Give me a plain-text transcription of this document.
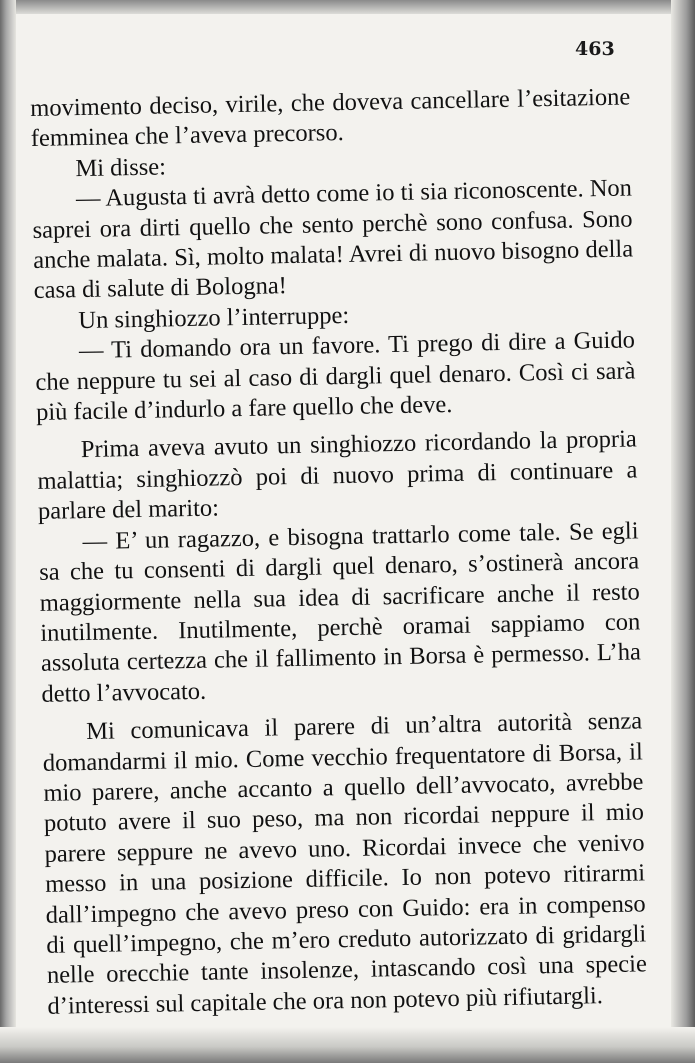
463

movimento deciso, virile, che doveva cancellare l’esitazione femminea che l’aveva precorso.

Mi disse:

— Augusta ti avrà detto come io ti sia riconoscente. Non saprei ora dirti quello che sento perchè sono confusa. Sono anche malata. Sì, molto malata! Avrei di nuovo bisogno della casa di salute di Bologna!

Un singhiozzo l’interruppe:

— Ti domando ora un favore. Ti prego di dire a Guido che neppure tu sei al caso di dargli quel denaro. Così ci sarà più facile d’indurlo a fare quello che deve.

Prima aveva avuto un singhiozzo ricordando la propria malattia; singhiozzò poi di nuovo prima di continuare a parlare del marito:

— E’ un ragazzo, e bisogna trattarlo come tale. Se egli sa che tu consenti di dargli quel denaro, s’ostinerà ancora maggiormente nella sua idea di sacrificare anche il resto inutilmente. Inutilmente, perchè oramai sappiamo con assoluta certezza che il fallimento in Borsa è permesso. L’ha detto l’avvocato.

Mi comunicava il parere di un’altra autorità senza domandarmi il mio. Come vecchio frequentatore di Borsa, il mio parere, anche accanto a quello dell’avvocato, avrebbe potuto avere il suo peso, ma non ricordai neppure il mio parere seppure ne avevo uno. Ricordai invece che venivo messo in una posizione difficile. Io non potevo ritirarmi dall’impegno che avevo preso con Guido: era in compenso di quell’impegno, che m’ero creduto autorizzato di gridargli nelle orecchie tante insolenze, intascando così una specie d’interessi sul capitale che ora non potevo più rifiutargli.
